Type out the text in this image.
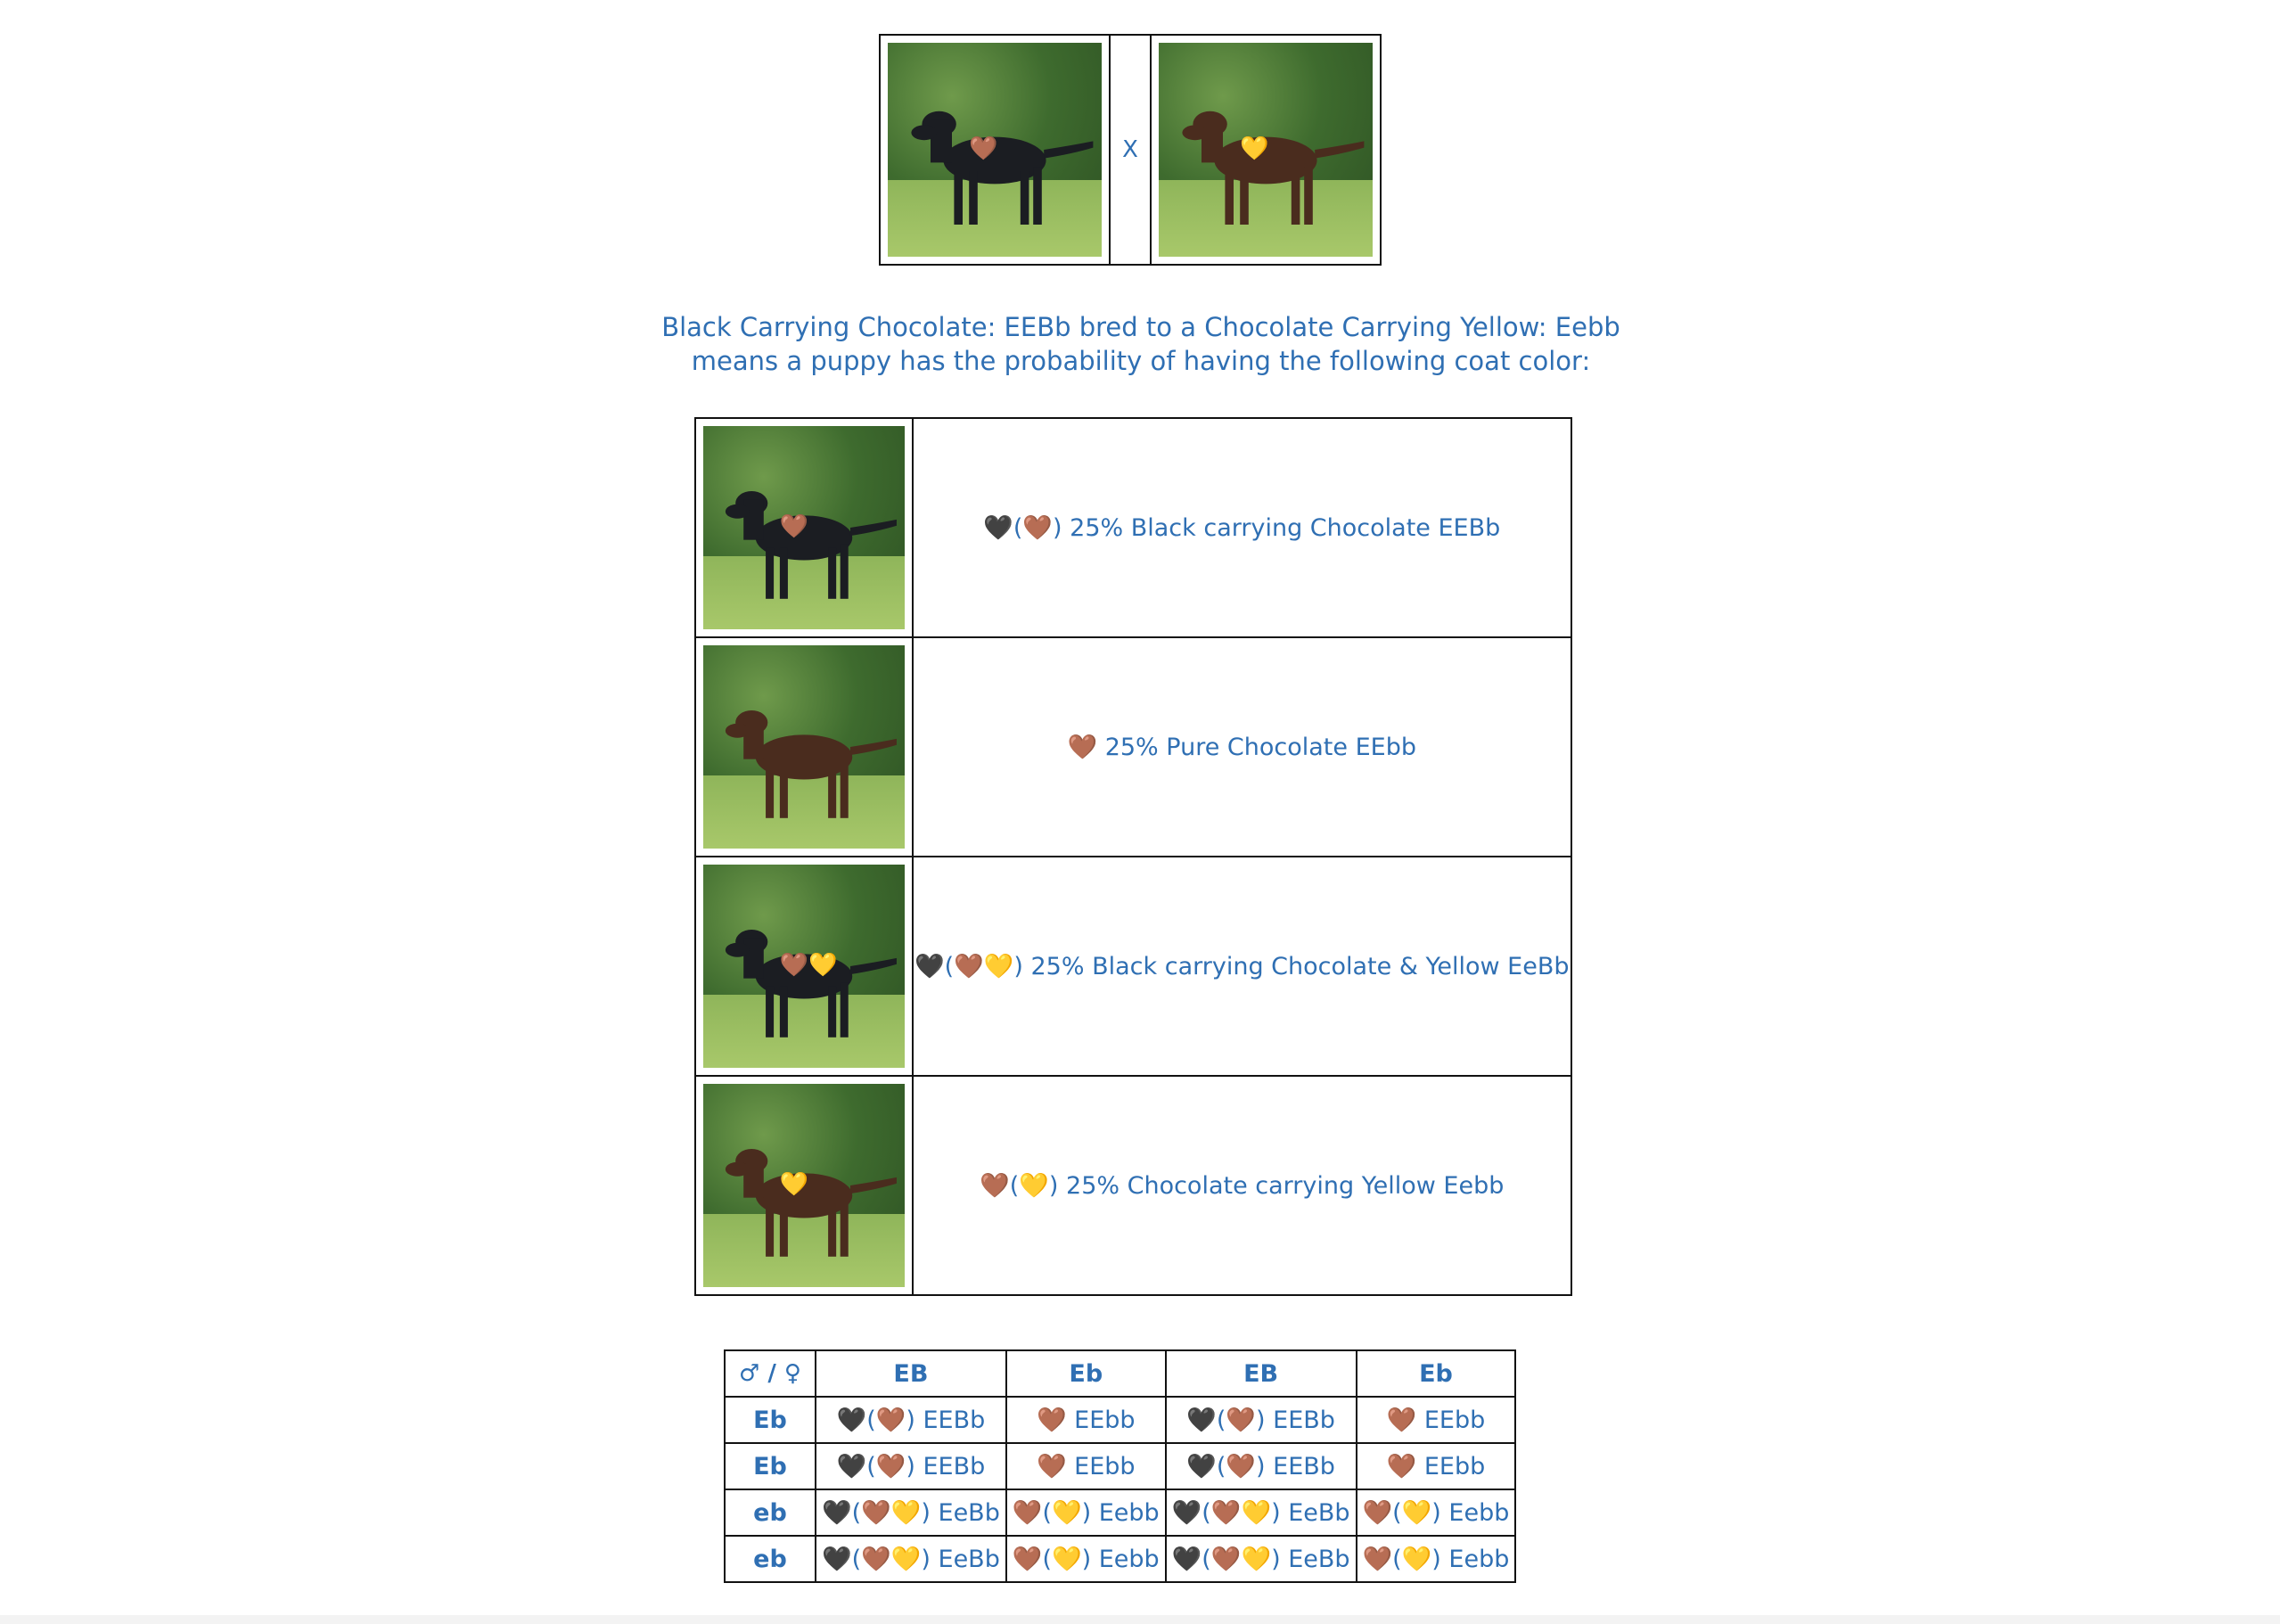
🤎	X	💛
Black Carrying Chocolate: EEBb bred to a Chocolate Carrying Yellow: Eebb
means a puppy has the probability of having the following coat color:
🤎	🖤(🤎) 25% Black carrying Chocolate EEBb

	🤎 25% Pure Chocolate EEbb

🤎💛	🖤(🤎💛) 25% Black carrying Chocolate & Yellow EeBb

💛	🤎(💛) 25% Chocolate carrying Yellow Eebb
♂ / ♀	EB	Eb	EB	Eb
Eb	🖤(🤎) EEBb	🤎 EEbb	🖤(🤎) EEBb	🤎 EEbb
Eb	🖤(🤎) EEBb	🤎 EEbb	🖤(🤎) EEBb	🤎 EEbb
eb	🖤(🤎💛) EeBb	🤎(💛) Eebb	🖤(🤎💛) EeBb	🤎(💛) Eebb
eb	🖤(🤎💛) EeBb	🤎(💛) Eebb	🖤(🤎💛) EeBb	🤎(💛) Eebb
